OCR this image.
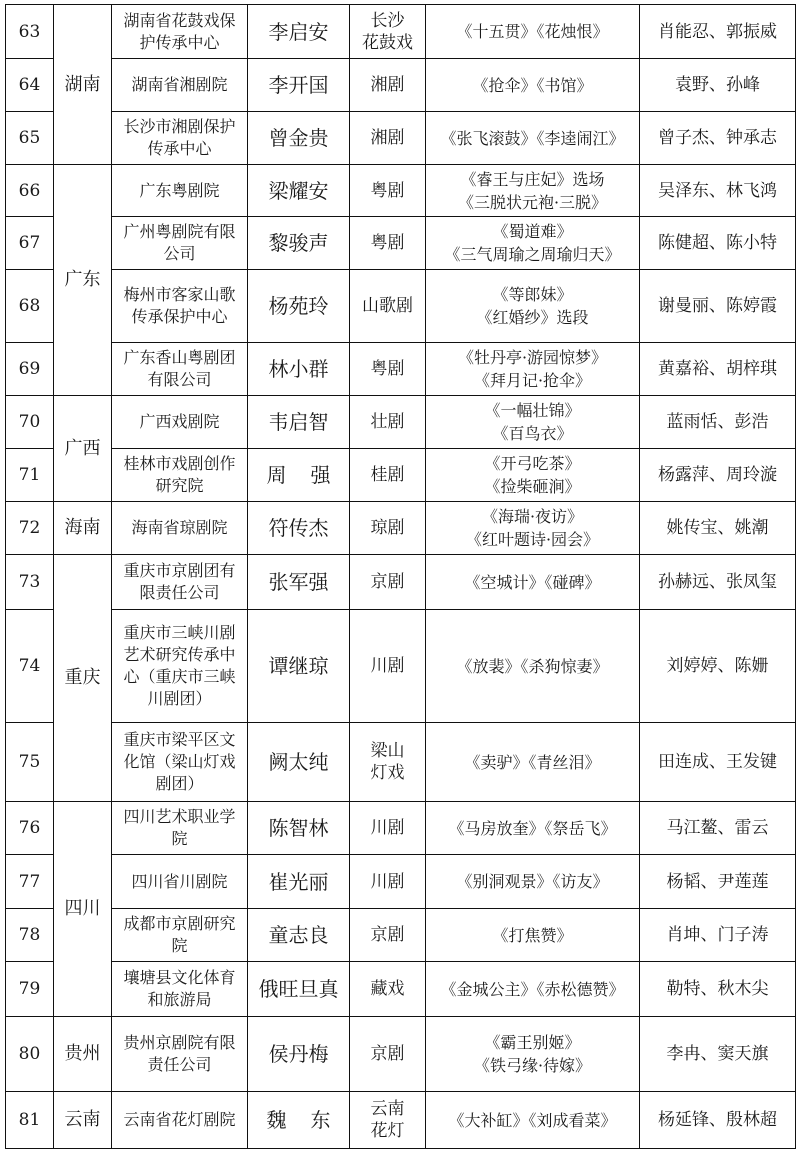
63	湖南	湖南省花鼓戏保
护传承中心	李启安	长沙
花鼓戏	《十五贯》《花烛恨》	肖能忍、郭振威
64		湖南省湘剧院	李开国	湘剧	《抢伞》《书馆》	袁野、孙峰
65		长沙市湘剧保护
传承中心	曾金贵	湘剧	《张飞滚鼓》《李逵闹江》	曾子杰、钟承志
66	广东	广东粤剧院	梁耀安	粤剧	《睿王与庄妃》选场
《三脱状元袍·三脱》	吴泽东、林飞鸿
67		广州粤剧院有限
公司	黎骏声	粤剧	《蜀道难》
《三气周瑜之周瑜归天》	陈健超、陈小特
68		梅州市客家山歌
传承保护中心	杨苑玲	山歌剧	《等郎妹》
《红婚纱》选段	谢曼丽、陈婷霞
69		广东香山粤剧团
有限公司	林小群	粤剧	《牡丹亭·游园惊梦》
《拜月记·抢伞》	黄嘉裕、胡梓琪
70	广西	广西戏剧院	韦启智	壮剧	《一幅壮锦》
《百鸟衣》	蓝雨恬、彭浩
71		桂林市戏剧创作
研究院	周强	桂剧	《开弓吃茶》
《捡柴砸涧》	杨露萍、周玲漩
72	海南	海南省琼剧院	符传杰	琼剧	《海瑞·夜访》
《红叶题诗·园会》	姚传宝、姚潮
73	重庆	重庆市京剧团有
限责任公司	张军强	京剧	《空城计》《碰碑》	孙赫远、张凤玺
74		重庆市三峡川剧
艺术研究传承中
心（重庆市三峡
川剧团）	谭继琼	川剧	《放裴》《杀狗惊妻》	刘婷婷、陈姗
75		重庆市梁平区文
化馆（梁山灯戏
剧团）	阙太纯	梁山
灯戏	《卖驴》《青丝泪》	田连成、王发键
76	四川	四川艺术职业学
院	陈智林	川剧	《马房放奎》《祭岳飞》	马江鳌、雷云
77		四川省川剧院	崔光丽	川剧	《别洞观景》《访友》	杨韬、尹莲莲
78		成都市京剧研究
院	童志良	京剧	《打焦赞》	肖坤、门子涛
79		壤塘县文化体育
和旅游局	俄旺旦真	藏戏	《金城公主》《赤松德赞》	勒特、秋木尖
80	贵州	贵州京剧院有限
责任公司	侯丹梅	京剧	《霸王别姬》
《铁弓缘·待嫁》	李冉、窦天旗
81	云南	云南省花灯剧院	魏东	云南
花灯	《大补缸》《刘成看菜》	杨延锋、殷林超
